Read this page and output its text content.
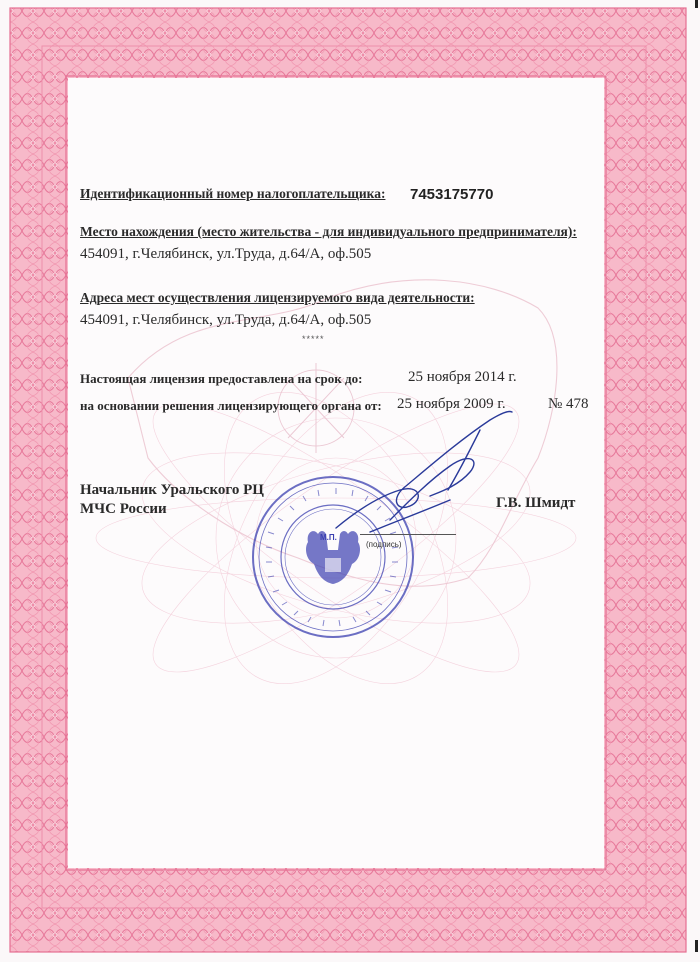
Идентификационный номер налогоплательщика: 7453175770
Место нахождения (место жительства - для индивидуального предпринимателя):
454091, г.Челябинск, ул.Труда, д.64/А, оф.505
Адреса мест осуществления лицензируемого вида деятельности:
454091, г.Челябинск, ул.Труда, д.64/А, оф.505
*****
Настоящая лицензия предоставлена на срок до:	25 ноября 2014 г.
на основании решения лицензирующего органа от: 25 ноября 2009 г.	№ 478
М.П.
(подпись)
Начальник Уральского РЦ
МЧС России	Г.В. Шмидт
